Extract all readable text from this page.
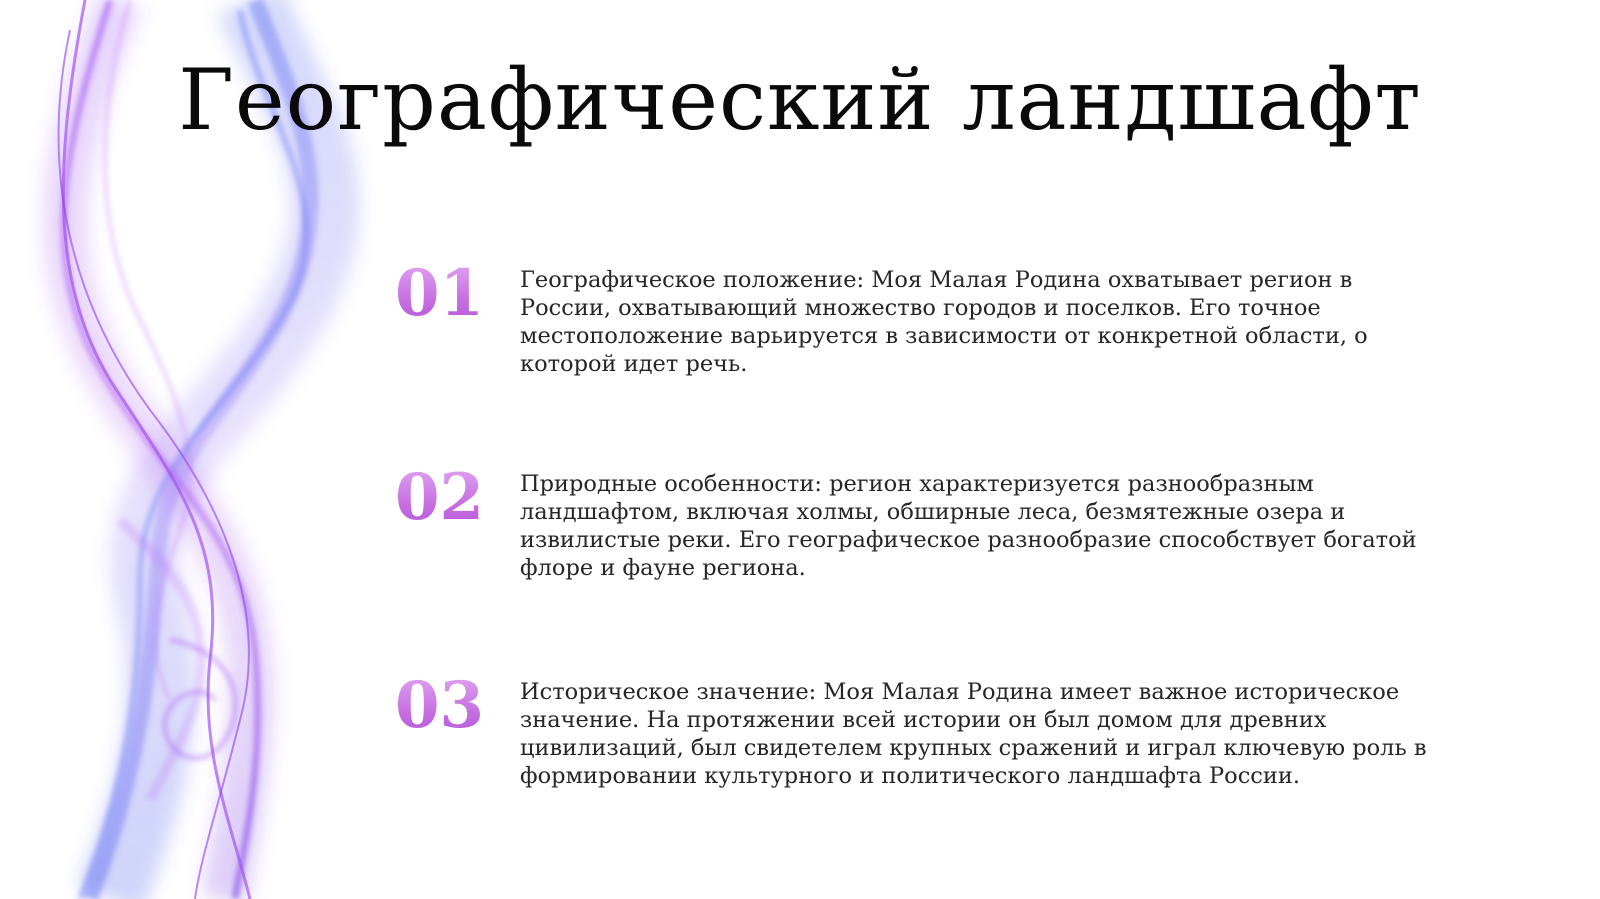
Географический ландшафт
01 Географическое положение: Моя Малая Родина охватывает регион в России, охватывающий множество городов и поселков. Его точное местоположение варьируется в зависимости от конкретной области, о которой идет речь.

02 Природные особенности: регион характеризуется разнообразным ландшафтом, включая холмы, обширные леса, безмятежные озера и извилистые реки. Его географическое разнообразие способствует богатой флоре и фауне региона.

03 Историческое значение: Моя Малая Родина имеет важное историческое значение. На протяжении всей истории он был домом для древних цивилизаций, был свидетелем крупных сражений и играл ключевую роль в формировании культурного и политического ландшафта России.
